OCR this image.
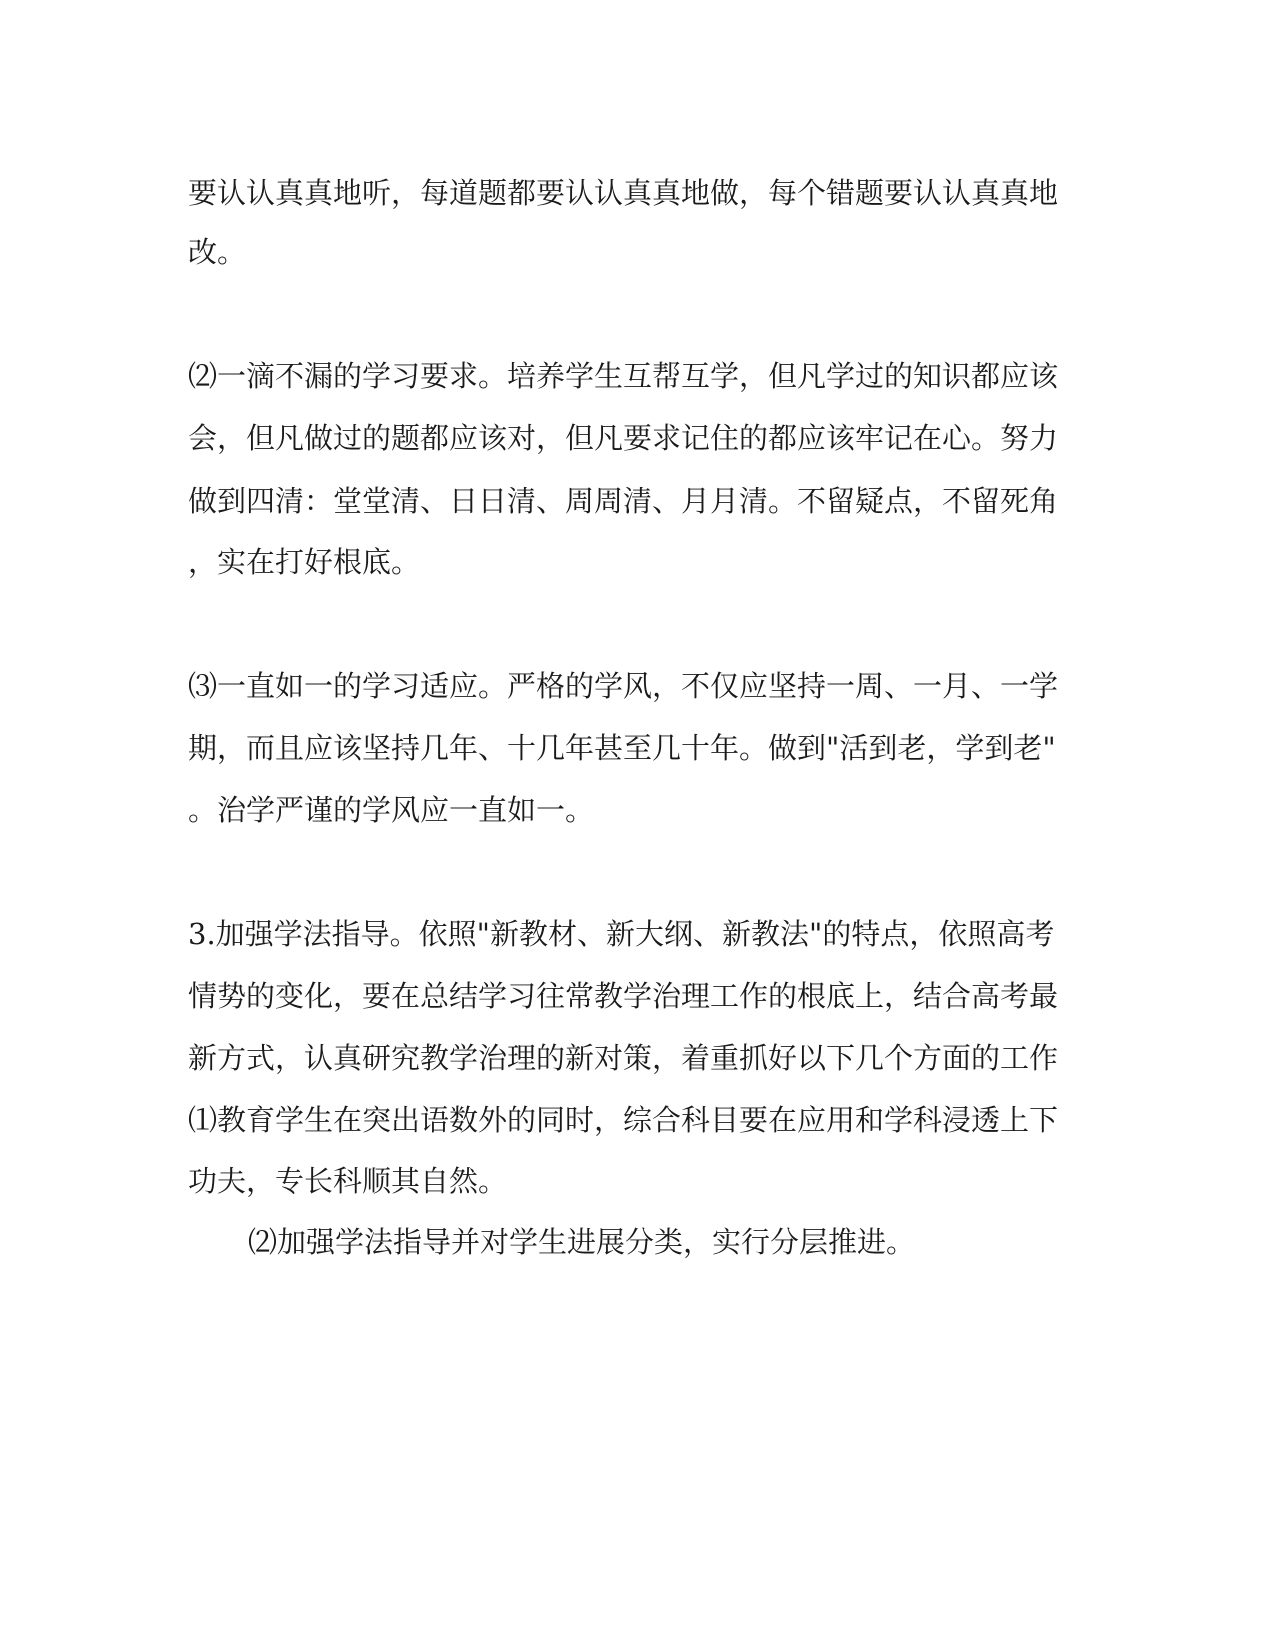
要认认真真地听，每道题都要认认真真地做，每个错题要认认真真地

改。

⑵一滴不漏的学习要求。培养学生互帮互学，但凡学过的知识都应该

会，但凡做过的题都应该对，但凡要求记住的都应该牢记在心。努力

做到四清：堂堂清、日日清、周周清、月月清。不留疑点，不留死角

，实在打好根底。

⑶一直如一的学习适应。严格的学风，不仅应坚持一周、一月、一学

期，而且应该坚持几年、十几年甚至几十年。做到"活到老，学到老"

。治学严谨的学风应一直如一。

3.加强学法指导。依照"新教材、新大纲、新教法"的特点，依照高考

情势的变化，要在总结学习往常教学治理工作的根底上，结合高考最

新方式，认真研究教学治理的新对策，着重抓好以下几个方面的工作

⑴教育学生在突出语数外的同时，综合科目要在应用和学科浸透上下

功夫，专长科顺其自然。

⑵加强学法指导并对学生进展分类，实行分层推进。
